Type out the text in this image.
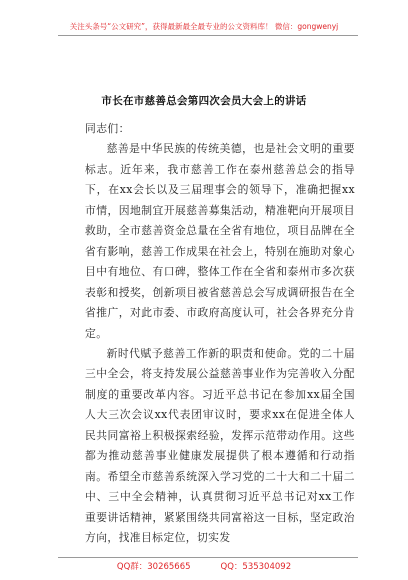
关注头条号“公文研究”，获得最新最全最专业的公文资料库！ 微信：gongwenyj
市长在市慈善总会第四次会员大会上的讲话

同志们：

慈善是中华民族的传统美德，也是社会文明的重要标志。近年来，我市慈善工作在泰州慈善总会的指导下，在xx会长以及三届理事会的领导下，准确把握xx市情，因地制宜开展慈善募集活动，精准靶向开展项目救助，全市慈善资金总量在全省有地位，项目品牌在全省有影响，慈善工作成果在社会上，特别在施助对象心目中有地位、有口碑，整体工作在全省和泰州市多次获表彰和授奖，创新项目被省慈善总会写成调研报告在全省推广，对此市委、市政府高度认可，社会各界充分肯定。

新时代赋予慈善工作新的职责和使命。党的二十届三中全会，将支持发展公益慈善事业作为完善收入分配制度的重要改革内容。习近平总书记在参加xx届全国人大三次会议xx代表团审议时，要求xx在促进全体人民共同富裕上积极探索经验，发挥示范带动作用。这些都为推动慈善事业健康发展提供了根本遵循和行动指南。希望全市慈善系统深入学习党的二十大和二十届二中、三中全会精神，认真贯彻习近平总书记对xx工作重要讲话精神，紧紧围绕共同富裕这一目标，坚定政治方向，找准目标定位，切实发

QQ群：30265665	QQ：535304092
